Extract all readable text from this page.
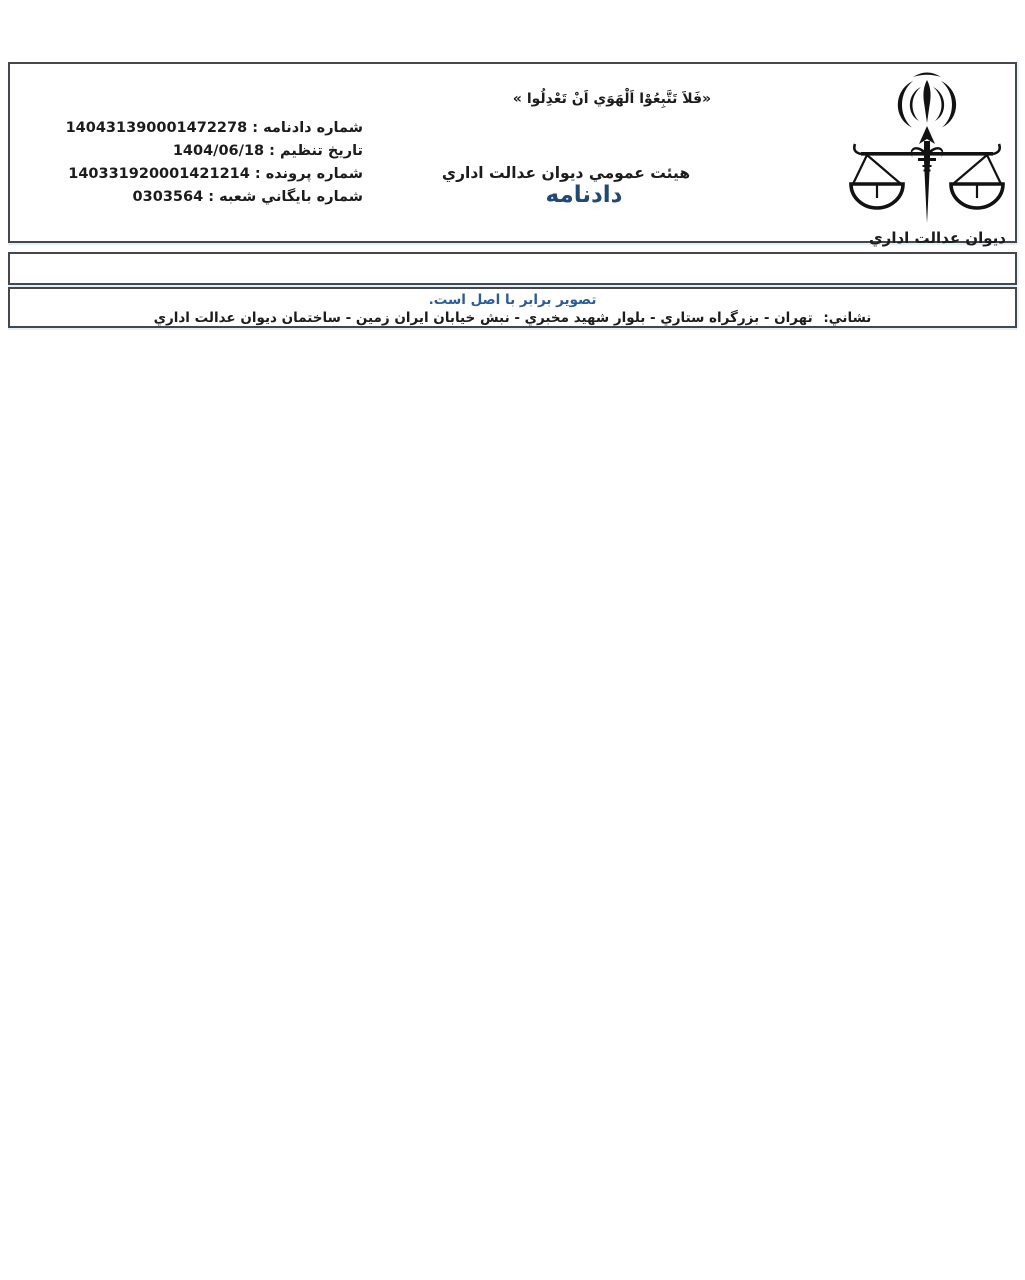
«فَلاَ تَتَّبِعُوْا اَلْهَوَي اَنْ تَعْدِلُوا »
شماره دادنامه : 140431390001472278
تاريخ تنظيم : 1404/06/18
شماره پرونده : 140331920001421214
شماره بايگاني شعبه : 0303564
هيئت عمومي ديوان عدالت اداري
دادنامه
ديوان عدالت اداري
تصوير برابر با اصل است.
نشاني: تهران - بزرگراه ستاري - بلوار شهيد مخبري - نبش خيابان ايران زمين - ساختمان ديوان عدالت اداري
